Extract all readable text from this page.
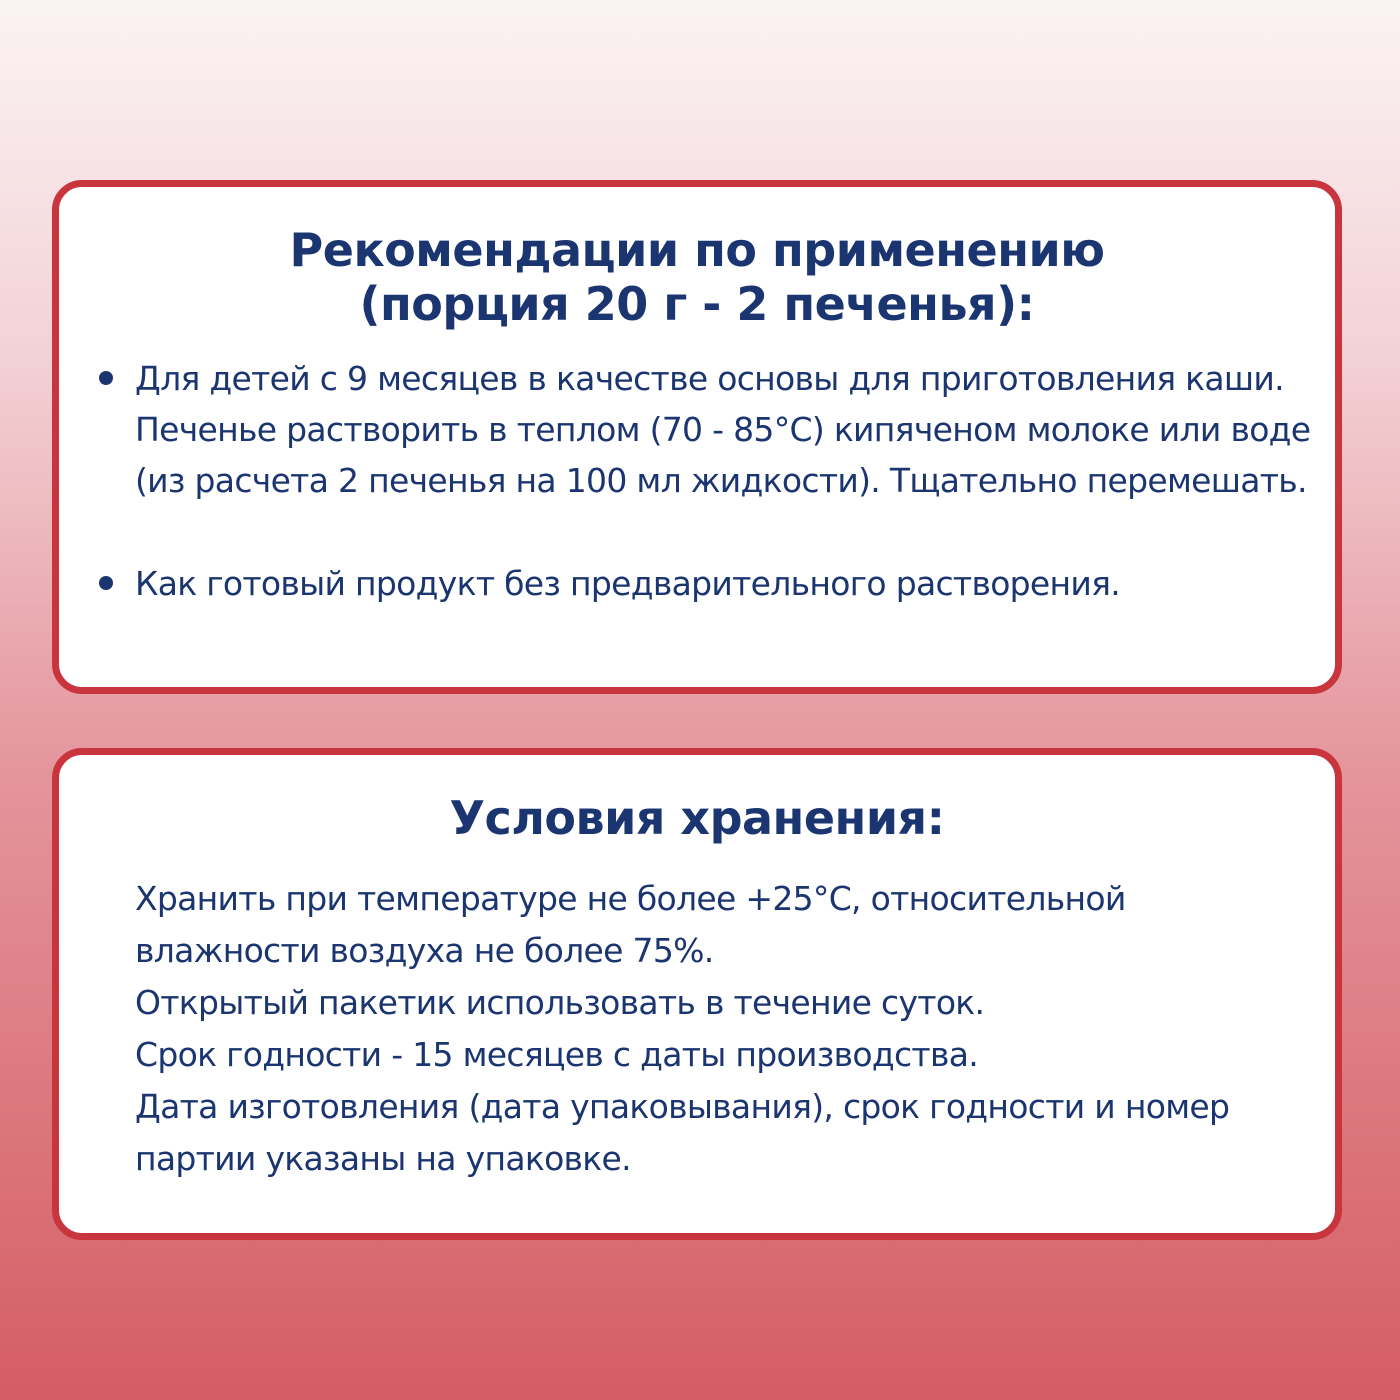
Рекомендации по применению
(порция 20 г - 2 печенья):
Для детей с 9 месяцев в качестве основы для приготовления каши. Печенье растворить в теплом (70 - 85°С) кипяченом молоке или воде (из расчета 2 печенья на 100 мл жидкости). Тщательно перемешать.
Как готовый продукт без предварительного растворения.
Условия хранения:
Хранить при температуре не более +25°С, относительной влажности воздуха не более 75%.
Открытый пакетик использовать в течение суток.
Срок годности - 15 месяцев с даты производства.
Дата изготовления (дата упаковывания), срок годности и номер партии указаны на упаковке.
